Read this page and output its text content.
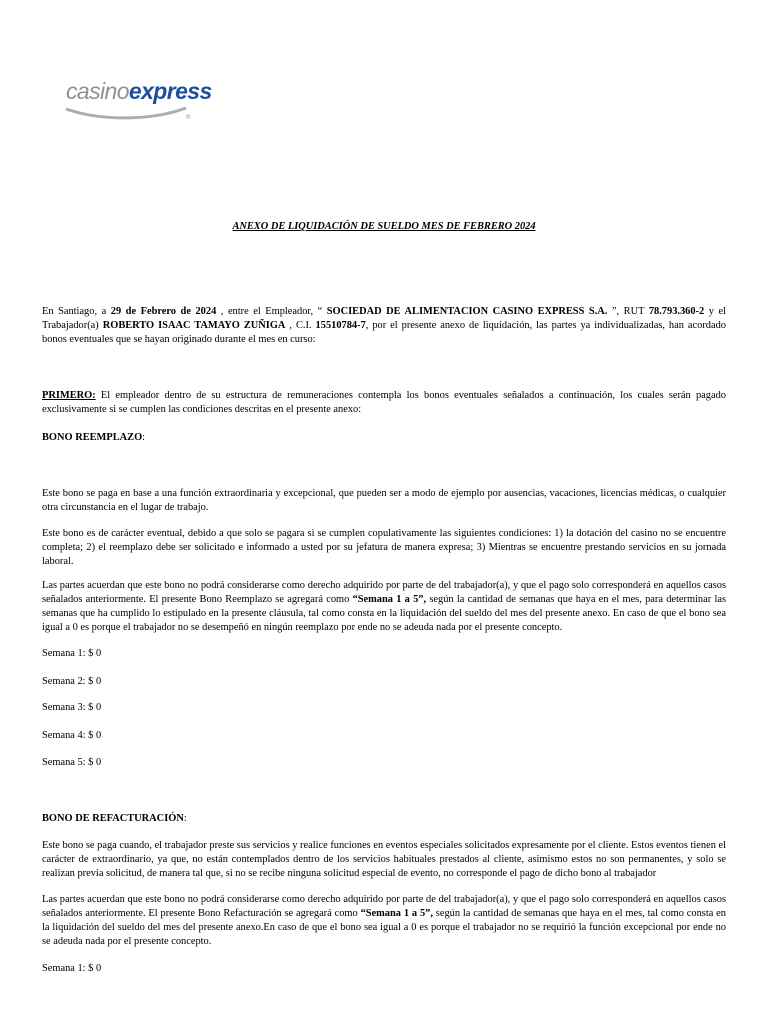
casinoexpress
®
ANEXO DE LIQUIDACIÓN DE SUELDO MES DE FEBRERO 2024

En Santiago, a 29 de Febrero de 2024 , entre el Empleador, “ SOCIEDAD DE ALIMENTACION CASINO EXPRESS S.A. ”, RUT 78.793.360-2 y el Trabajador(a) ROBERTO ISAAC TAMAYO ZUÑIGA , C.I. 15510784-7, por el presente anexo de liquidación, las partes ya individualizadas, han acordado bonos eventuales que se hayan originado durante el mes en curso:

PRIMERO: El empleador dentro de su estructura de remuneraciones contempla los bonos eventuales señalados a continuación, los cuales serán pagado exclusivamente si se cumplen las condiciones descritas en el presente anexo:

BONO REEMPLAZO:

Este bono se paga en base a una función extraordinaria y excepcional, que pueden ser a modo de ejemplo por ausencias, vacaciones, licencias médicas, o cualquier otra circunstancia en el lugar de trabajo.

Este bono es de carácter eventual, debido a que solo se pagara si se cumplen copulativamente las siguientes condiciones: 1) la dotación del casino no se encuentre completa; 2) el reemplazo debe ser solicitado e informado a usted por su jefatura de manera expresa; 3) Mientras se encuentre prestando servicios en su jornada laboral.

Las partes acuerdan que este bono no podrá considerarse como derecho adquirido por parte de del trabajador(a), y que el pago solo corresponderá en aquellos casos señalados anteriormente. El presente Bono Reemplazo se agregará como “Semana 1 a 5”, según la cantidad de semanas que haya en el mes, para determinar las semanas que ha cumplido lo estipulado en la presente cláusula, tal como consta en la liquidación del sueldo del mes del presente anexo. En caso de que el bono sea igual a 0 es porque el trabajador no se desempeñó en ningún reemplazo por ende no se adeuda nada por el presente concepto.

Semana 1: $ 0

Semana 2: $ 0

Semana 3: $ 0

Semana 4: $ 0

Semana 5: $ 0

BONO DE REFACTURACIÓN:

Este bono se paga cuando, el trabajador preste sus servicios y realice funciones en eventos especiales solicitados expresamente por el cliente. Estos eventos tienen el carácter de extraordinario, ya que, no están contemplados dentro de los servicios habituales prestados al cliente, asimismo estos no son permanentes, y solo se realizan previa solicitud, de manera tal que, si no se recibe ninguna solicitud especial de evento, no corresponde el pago de dicho bono al trabajador

Las partes acuerdan que este bono no podrá considerarse como derecho adquirido por parte de del trabajador(a), y que el pago solo corresponderá en aquellos casos señalados anteriormente. El presente Bono Refacturación se agregará como “Semana 1 a 5”, según la cantidad de semanas que haya en el mes, tal como consta en la liquidación del sueldo del mes del presente anexo.En caso de que el bono sea igual a 0 es porque el trabajador no se requirió la función excepcional por ende no se adeuda nada por el presente concepto.

Semana 1: $ 0
